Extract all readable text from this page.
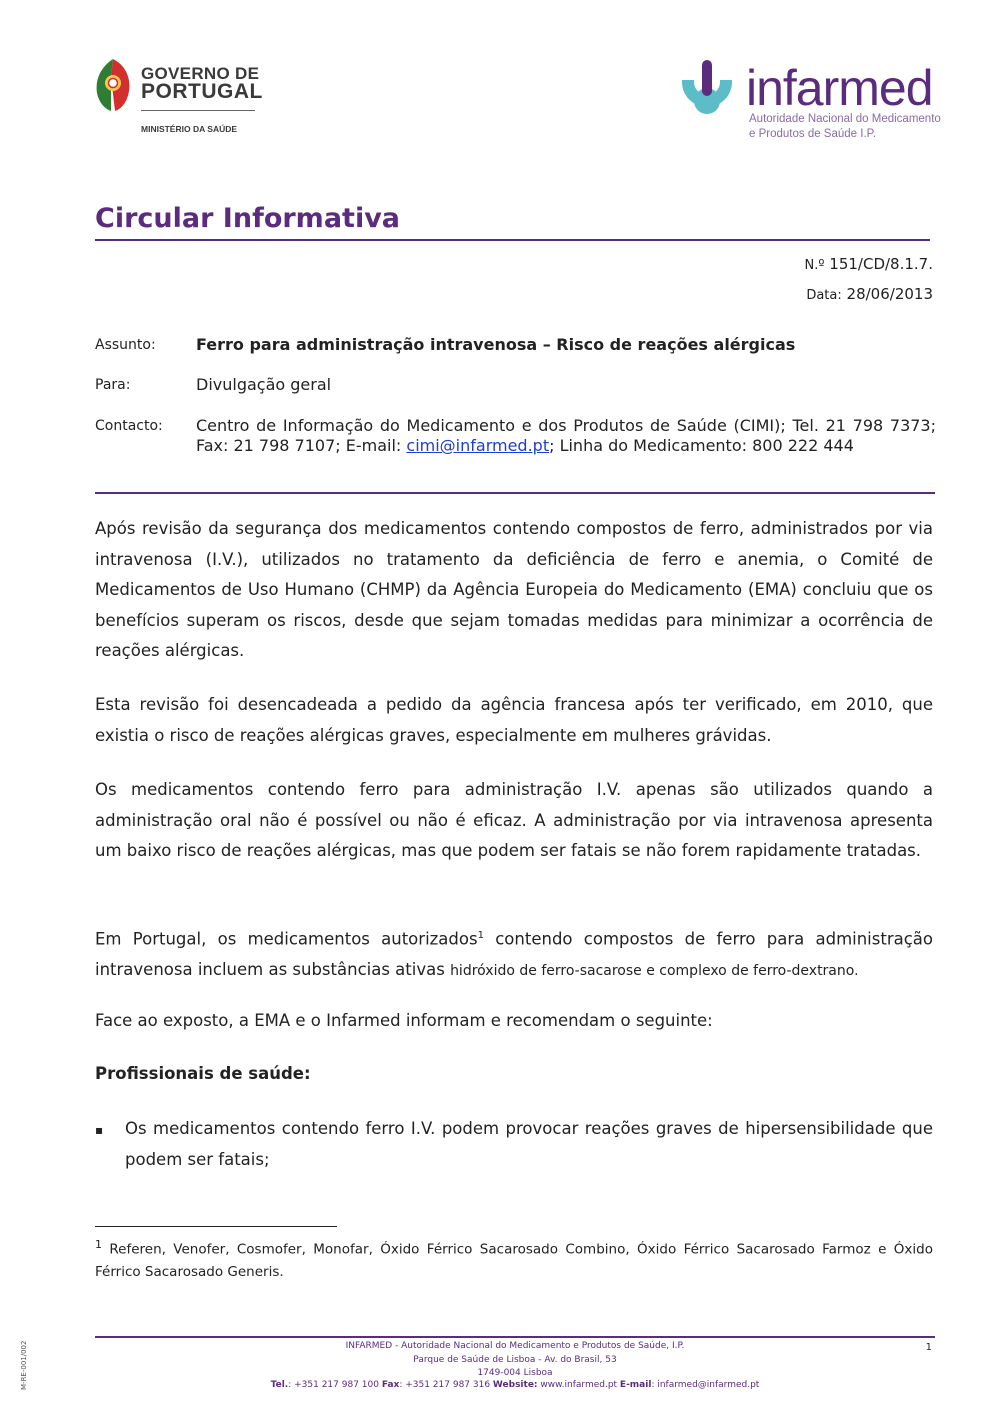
GOVERNO DE
PORTUGAL
MINISTÉRIO DA SAÚDE
infarmed
Autoridade Nacional do Medicamento
e Produtos de Saúde I.P.
Circular Informativa
N.º 151/CD/8.1.7.
Data: 28/06/2013
Assunto:	Ferro para administração intravenosa – Risco de reações alérgicas
Para:	Divulgação geral
Contacto: Centro de Informação do Medicamento e dos Produtos de Saúde (CIMI); Tel. 21 798 7373; Fax: 21 798 7107; E-mail: cimi@infarmed.pt; Linha do Medicamento: 800 222 444
Após revisão da segurança dos medicamentos contendo compostos de ferro, administrados por via intravenosa (I.V.), utilizados no tratamento da deficiência de ferro e anemia, o Comité de Medicamentos de Uso Humano (CHMP) da Agência Europeia do Medicamento (EMA) concluiu que os benefícios superam os riscos, desde que sejam tomadas medidas para minimizar a ocorrência de reações alérgicas.
Esta revisão foi desencadeada a pedido da agência francesa após ter verificado, em 2010, que existia o risco de reações alérgicas graves, especialmente em mulheres grávidas.
Os medicamentos contendo ferro para administração I.V. apenas são utilizados quando a administração oral não é possível ou não é eficaz. A administração por via intravenosa apresenta um baixo risco de reações alérgicas, mas que podem ser fatais se não forem rapidamente tratadas.
Em Portugal, os medicamentos autorizados$^1$ contendo compostos de ferro para administração intravenosa incluem as substâncias ativas hidróxido de ferro-sacarose e complexo de ferro-dextrano.
Face ao exposto, a EMA e o Infarmed informam e recomendam o seguinte:
Profissionais de saúde:
▪ Os medicamentos contendo ferro I.V. podem provocar reações graves de hipersensibilidade que podem ser fatais;
$^1$ Referen, Venofer, Cosmofer, Monofar, Óxido Férrico Sacarosado Combino, Óxido Férrico Sacarosado Farmoz e Óxido Férrico Sacarosado Generis.
INFARMED - Autoridade Nacional do Medicamento e Produtos de Saúde, I.P.
Parque de Saúde de Lisboa - Av. do Brasil, 53
1749-004 Lisboa
Tel.: +351 217 987 100 Fax: +351 217 987 316 Website: www.infarmed.pt E-mail: infarmed@infarmed.pt
1
M-RE-001/002
